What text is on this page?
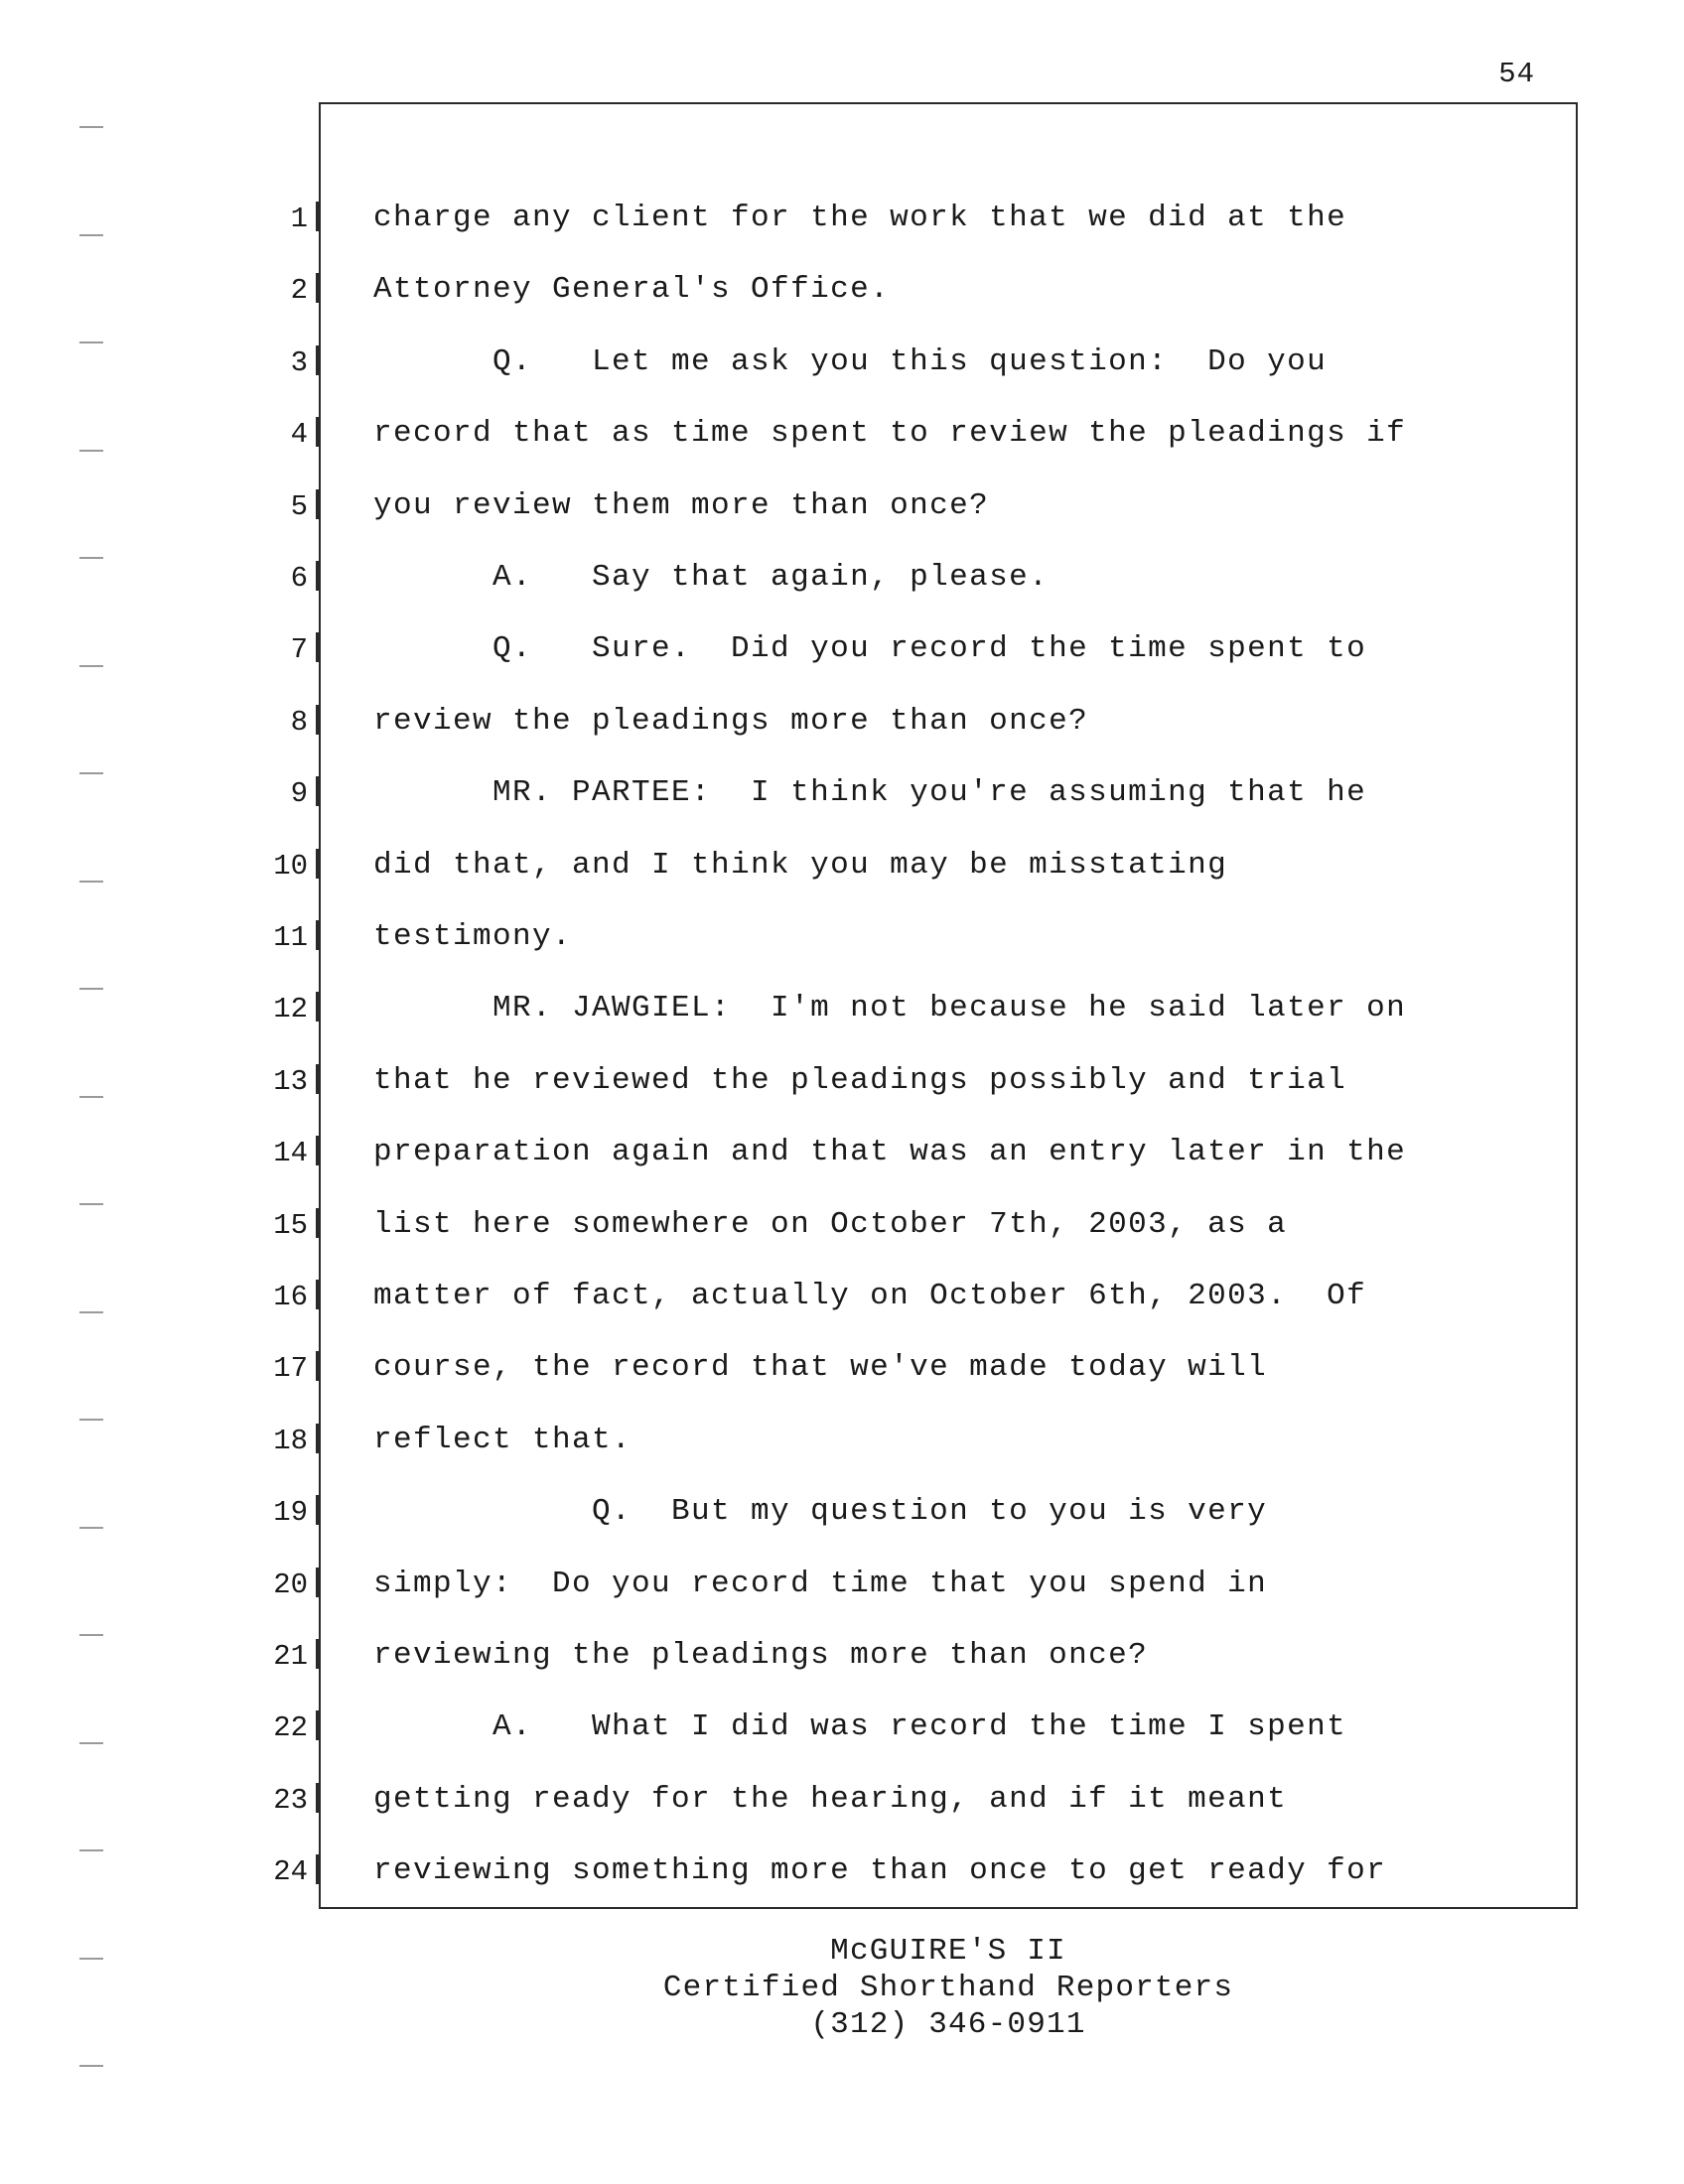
54
1 charge any client for the work that we did at the
2 Attorney General's Office.
3 Q.   Let me ask you this question:  Do you
4 record that as time spent to review the pleadings if
5 you review them more than once?
6 A.   Say that again, please.
7 Q.   Sure.  Did you record the time spent to
8 review the pleadings more than once?
9 MR. PARTEE:  I think you're assuming that he
10 did that, and I think you may be misstating
11 testimony.
12 MR. JAWGIEL:  I'm not because he said later on
13 that he reviewed the pleadings possibly and trial
14 preparation again and that was an entry later in the
15 list here somewhere on October 7th, 2003, as a
16 matter of fact, actually on October 6th, 2003.  Of
17 course, the record that we've made today will
18 reflect that.
19 Q.  But my question to you is very
20 simply:  Do you record time that you spend in
21 reviewing the pleadings more than once?
22 A.   What I did was record the time I spent
23 getting ready for the hearing, and if it meant
24 reviewing something more than once to get ready for
McGUIRE'S II
Certified Shorthand Reporters
(312) 346-0911
